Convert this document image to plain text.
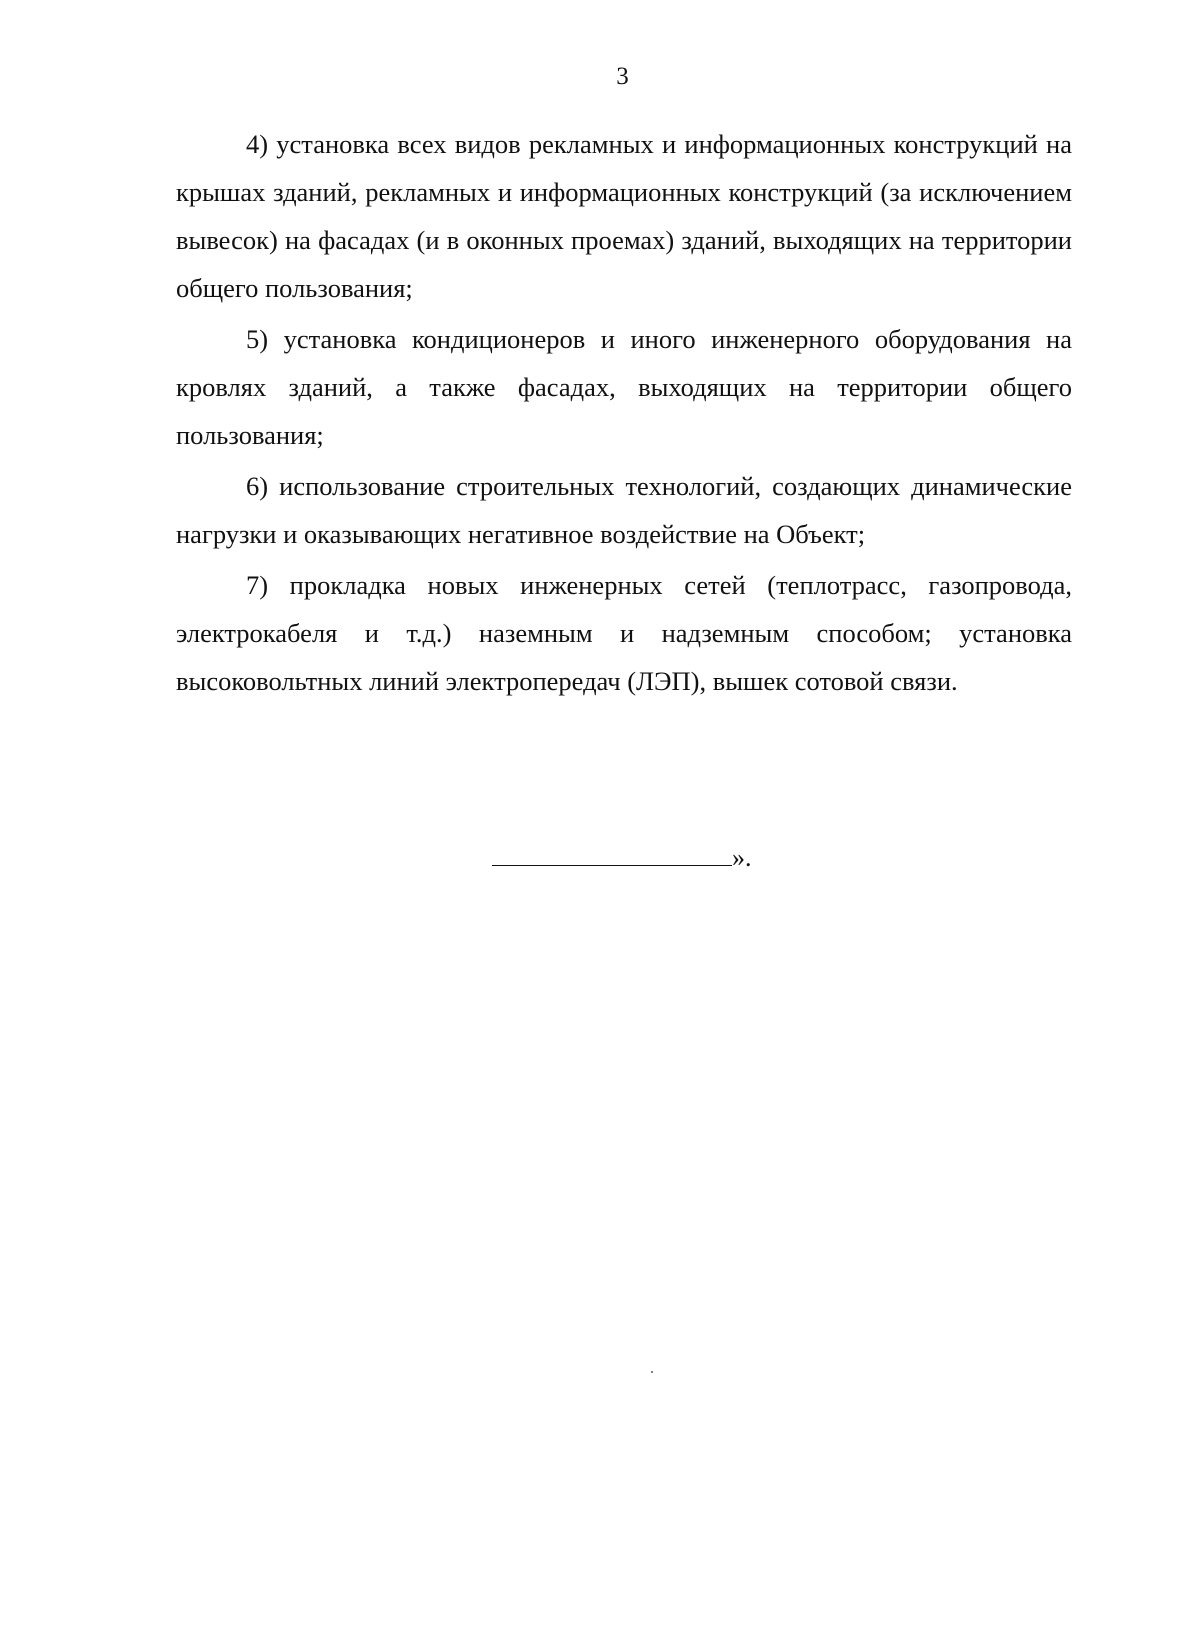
3

4) установка всех видов рекламных и информационных конструкций на крышах зданий, рекламных и информационных конструкций (за исключением вывесок) на фасадах (и в оконных проемах) зданий, выходящих на территории общего пользования;

5) установка кондиционеров и иного инженерного оборудования на кровлях зданий, а также фасадах, выходящих на территории общего пользования;

6) использование строительных технологий, создающих динамические нагрузки и оказывающих негативное воздействие на Объект;

7) прокладка новых инженерных сетей (теплотрасс, газопровода, электрокабеля и т.д.) наземным и надземным способом; установка высоковольтных линий электропередач (ЛЭП), вышек сотовой связи.

».
